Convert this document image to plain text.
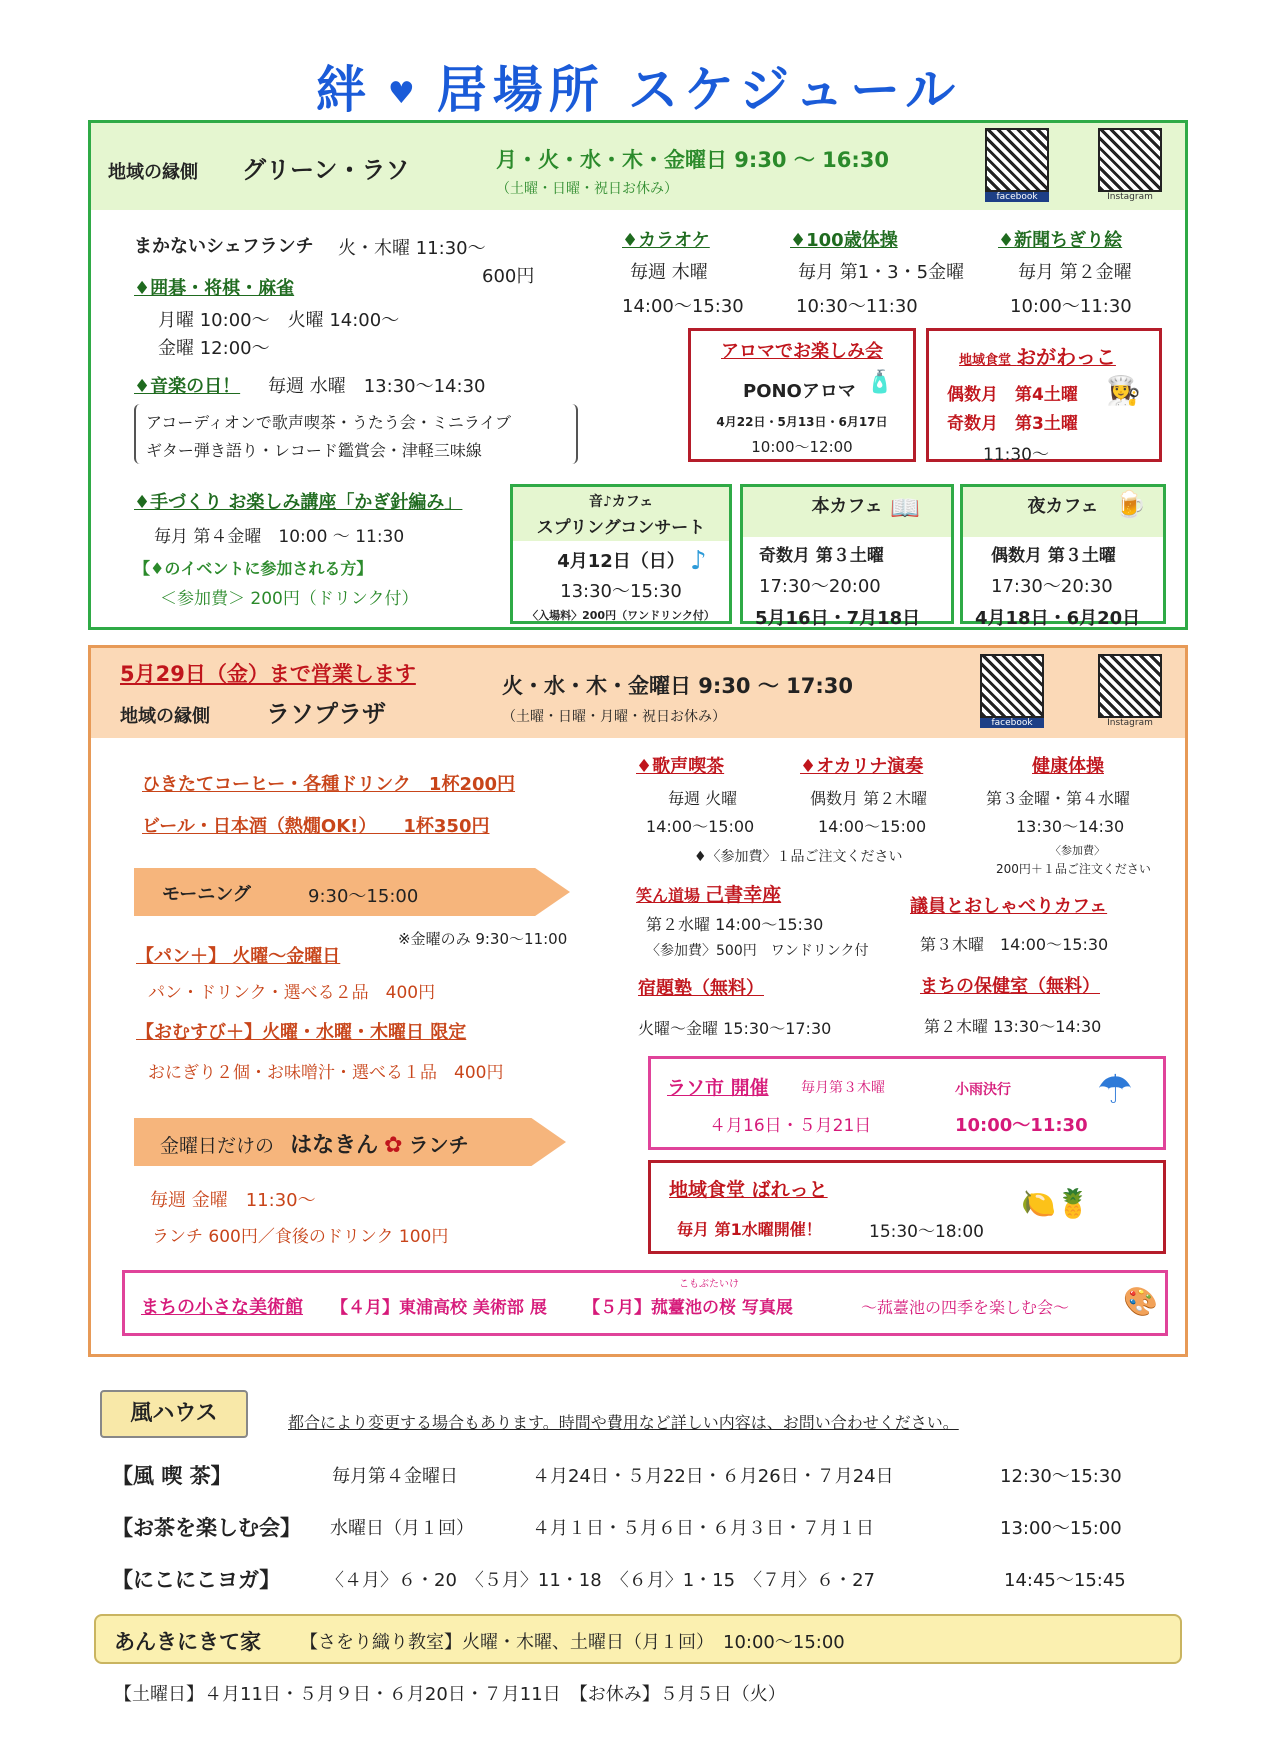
絆 ♥ 居場所 スケジュール
地域の縁側 グリーン・ラソ	月・火・水・木・金曜日 9:30 ～ 16:30
（土曜・日曜・祝日お休み）	facebook	Instagram
まかないシェフランチ 火・木曜 11:30～
600円
♦囲碁・将棋・麻雀
月曜 10:00～　火曜 14:00～
金曜 12:00～
♦音楽の日！ 毎週 水曜　13:30～14:30
アコーディオンで歌声喫茶・うたう会・ミニライブ
ギター弾き語り・レコード鑑賞会・津軽三味線
♦手づくり お楽しみ講座「かぎ針編み」
毎月 第４金曜　10:00 ～ 11:30
【♦のイベントに参加される方】
＜参加費＞ 200円（ドリンク付）
♦カラオケ
毎週 木曜
14:00～15:30
♦100歳体操
毎月 第1・3・5金曜
10:30～11:30
♦新聞ちぎり絵
毎月 第２金曜
10:00～11:30
アロマでお楽しみ会
PONOアロマ
4月22日・5月13日・6月17日
10:00～12:00
🧴
地域食堂 おがわっこ
偶数月　第4土曜
奇数月　第3土曜
11:30～
👩‍🍳
音♪カフェ
スプリングコンサート
4月12日（日）
13:30～15:30
〈入場料〉200円（ワンドリンク付）
♪
本カフェ
奇数月 第３土曜
17:30～20:00
5月16日・7月18日
📖	夜カフェ
偶数月 第３土曜
17:30～20:30
4月18日・6月20日
🍺
5月29日（金）まで営業します
地域の縁側 ラソプラザ
火・水・木・金曜日 9:30 ～ 17:30
（土曜・日曜・月曜・祝日お休み）	facebook	Instagram
ひきたてコーヒー・各種ドリンク　1杯200円
ビール・日本酒（熱燗OK!）　　1杯350円
モーニング	9:30～15:00
※金曜のみ 9:30～11:00
【パン＋】 火曜～金曜日
パン・ドリンク・選べる２品　400円
【おむすび＋】火曜・水曜・木曜日 限定
おにぎり２個・お味噌汁・選べる１品　400円
金曜日だけの はなきん ✿ ランチ
毎週 金曜　11:30～
ランチ 600円／食後のドリンク 100円
♦歌声喫茶
毎週 火曜
14:00～15:00
♦オカリナ演奏
偶数月 第２木曜
14:00～15:00
♦〈参加費〉１品ご注文ください
健康体操
第３金曜・第４水曜
13:30～14:30
〈参加費〉
200円＋１品ご注文ください
笑ん道場 己書幸座
第２水曜 14:00～15:30
〈参加費〉500円　ワンドリンク付
議員とおしゃべりカフェ
第３木曜　14:00～15:30
宿題塾（無料）
火曜～金曜 15:30～17:30
まちの保健室（無料）
第２木曜 13:30～14:30
ラソ市 開催 毎月第３木曜
４月16日・５月21日
小雨決行
10:00～11:30
☂
地域食堂 ばれっと
毎月 第1水曜開催！	15:30～18:00
🍋🍍
まちの小さな美術館 【４月】東浦高校 美術部 展 【５月】菰薹池の桜 写真展
こもぶたいけ
～菰薹池の四季を楽しむ会～ 🎨
風ハウス	都合により変更する場合もあります。時間や費用など詳しい内容は、お問い合わせください。
【風 喫 茶】	毎月第４金曜日	４月24日・５月22日・６月26日・７月24日	12:30～15:30
【お茶を楽しむ会】 水曜日（月１回）	４月１日・５月６日・６月３日・７月１日	13:00～15:00
【にこにこヨガ】	〈４月〉６・20　〈５月〉11・18　〈６月〉1・15　〈７月〉６・27	14:45～15:45
あんきにきて家 【さをり織り教室】火曜・木曜、土曜日（月１回）　10:00～15:00
【土曜日】４月11日・５月９日・６月20日・７月11日　【お休み】５月５日（火）
